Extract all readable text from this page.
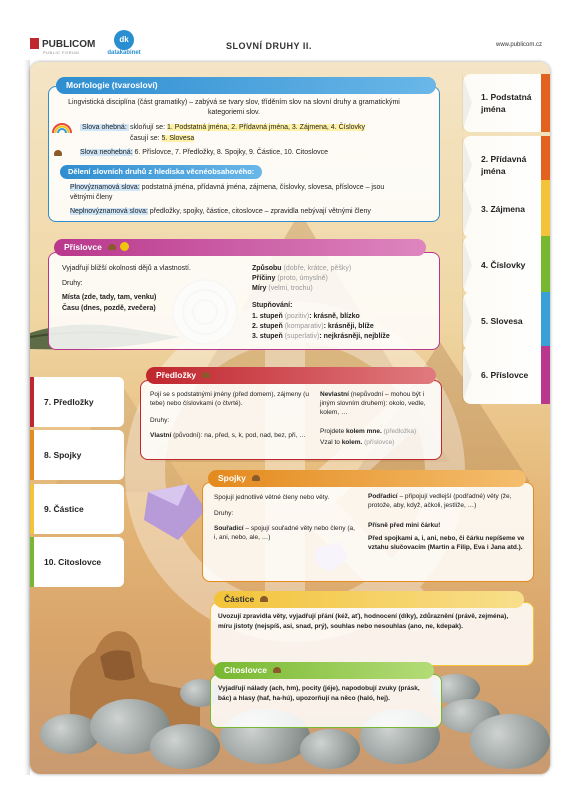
PUBLICOM
PUBLIC FORUM
dk
datakabinet
SLOVNÍ DRUHY II.	www.publicom.cz
Morfologie (tvarosloví)
Lingvistická disciplína (část gramatiky) – zabývá se tvary slov, tříděním slov na slovní druhy a gramatickými kategoriemi slov.
Slova ohebná: skloňují se: 1. Podstatná jména, 2. Přídavná jména, 3. Zájmena, 4. Číslovky
časují se: 5. Slovesa
Slova neohebná: 6. Příslovce, 7. Předložky, 8. Spojky, 9. Částice, 10. Citoslovce
Dělení slovních druhů z hlediska věcnéobsahového:
Plnovýznamová slova: podstatná jména, přídavná jména, zájmena, číslovky, slovesa, příslovce – jsou větnými členy
Neplnovýznamová slova: předložky, spojky, částice, citoslovce – zpravidla nebývají větnými členy
1. Podstatná jména
2. Přídavná jména
3. Zájmena
4. Číslovky
5. Slovesa
6. Příslovce
Příslovce
Vyjadřují bližší okolnosti dějů a vlastností.
Druhy:
Místa (zde, tady, tam, venku)
Času (dnes, pozdě, zvečera)
Způsobu (dobře, krátce, pěšky)
Příčiny (proto, úmyslně)
Míry (velmi, trochu)
Stupňování:
1. stupeň (pozitiv): krásně, blízko
2. stupeň (komparativ): krásněji, blíže
3. stupeň (superlativ): nejkrásněji, nejblíže
7. Předložky
8. Spojky
9. Částice
10. Citoslovce
Předložky
Pojí se s podstatnými jmény (před domem), zájmeny (u tebe) nebo číslovkami (o čtvrté).
Druhy:
Vlastní (původní): na, před, s, k, pod, nad, bez, při, …
Nevlastní (nepůvodní – mohou být i jiným slovním druhem): okolo, vedle, kolem, …
Projdete kolem mne. (předložka)
Vzal to kolem. (příslovce)
Spojky
Spojují jednotlivé větné členy nebo věty.
Druhy:
Souřadicí – spojují souřadné věty nebo členy (a, i, ani, nebo, ale, …)
Podřadicí – připojují vedlejší (podřadné) věty (že, protože, aby, když, ačkoli, jestliže, …)
Přísně před mini čárku!
Před spojkami a, i, ani, nebo, či čárku nepíšeme ve vztahu slučovacím (Martin a Filip, Eva i Jana atd.).
Částice
Uvozují zpravidla věty, vyjadřují přání (kéž, ať), hodnocení (díky), zdůraznění (právě, zejména), míru jistoty (nejspíš, asi, snad, prý), souhlas nebo nesouhlas (ano, ne, kdepak).
Citoslovce
Vyjadřují nálady (ach, hm), pocity (jéje), napodobují zvuky (prásk, bác) a hlasy (haf, ha-hú), upozorňují na něco (haló, hej).
